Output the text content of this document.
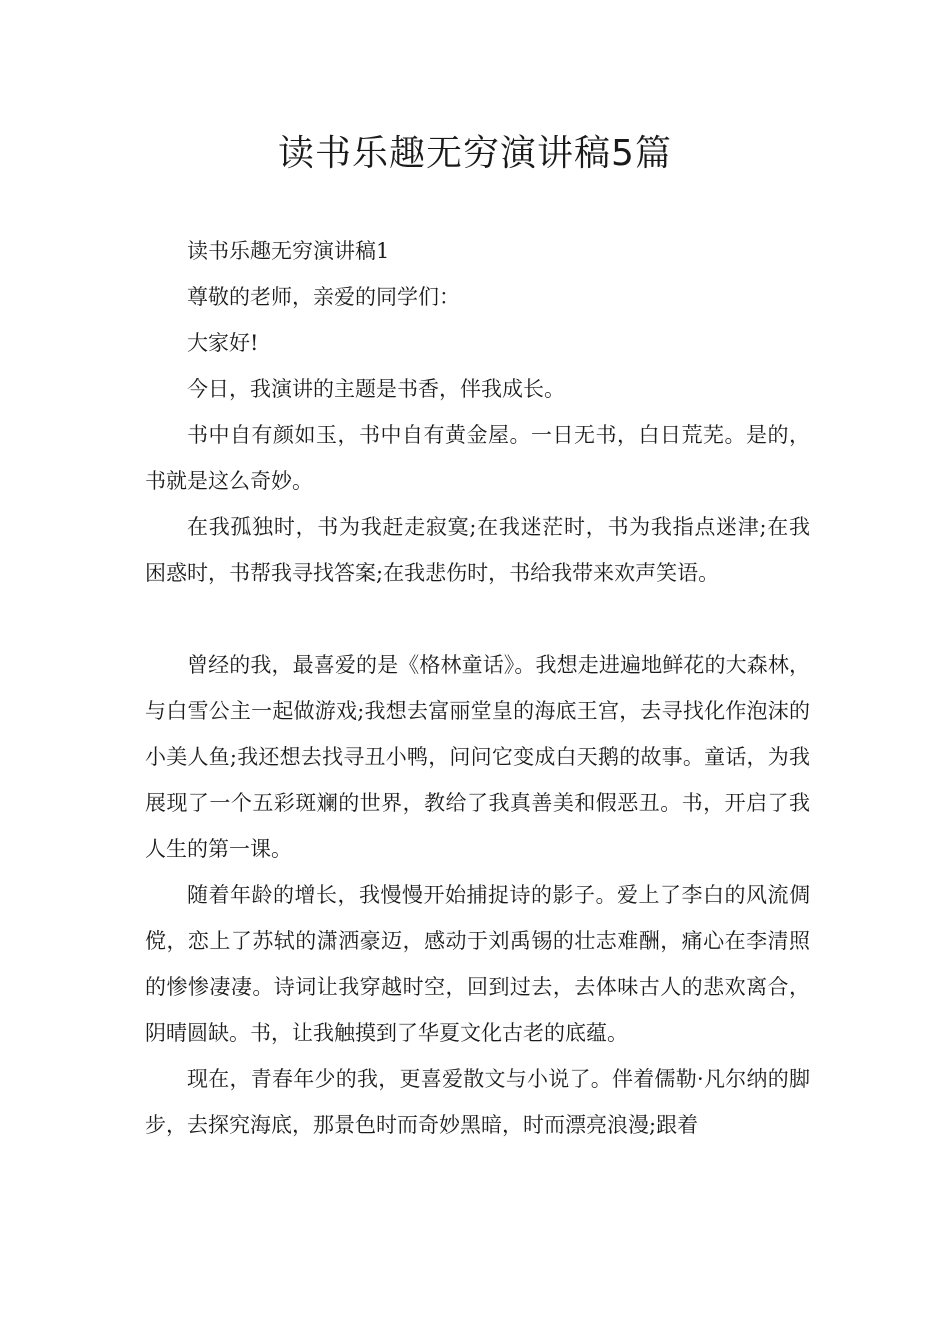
读书乐趣无穷演讲稿5篇

读书乐趣无穷演讲稿1

尊敬的老师，亲爱的同学们：

大家好!

今日，我演讲的主题是书香，伴我成长。

书中自有颜如玉，书中自有黄金屋。一日无书，白日荒芜。是的，书就是这么奇妙。

在我孤独时，书为我赶走寂寞;在我迷茫时，书为我指点迷津;在我困惑时，书帮我寻找答案;在我悲伤时，书给我带来欢声笑语。

曾经的我，最喜爱的是《格林童话》。我想走进遍地鲜花的大森林，与白雪公主一起做游戏;我想去富丽堂皇的海底王宫，去寻找化作泡沫的小美人鱼;我还想去找寻丑小鸭，问问它变成白天鹅的故事。童话，为我展现了一个五彩斑斓的世界，教给了我真善美和假恶丑。书，开启了我人生的第一课。

随着年龄的增长，我慢慢开始捕捉诗的影子。爱上了李白的风流倜傥，恋上了苏轼的潇洒豪迈，感动于刘禹锡的壮志难酬，痛心在李清照的惨惨凄凄。诗词让我穿越时空，回到过去，去体味古人的悲欢离合，阴晴圆缺。书，让我触摸到了华夏文化古老的底蕴。

现在，青春年少的我，更喜爱散文与小说了。伴着儒勒·凡尔纳的脚步，去探究海底，那景色时而奇妙黑暗，时而漂亮浪漫;跟着
